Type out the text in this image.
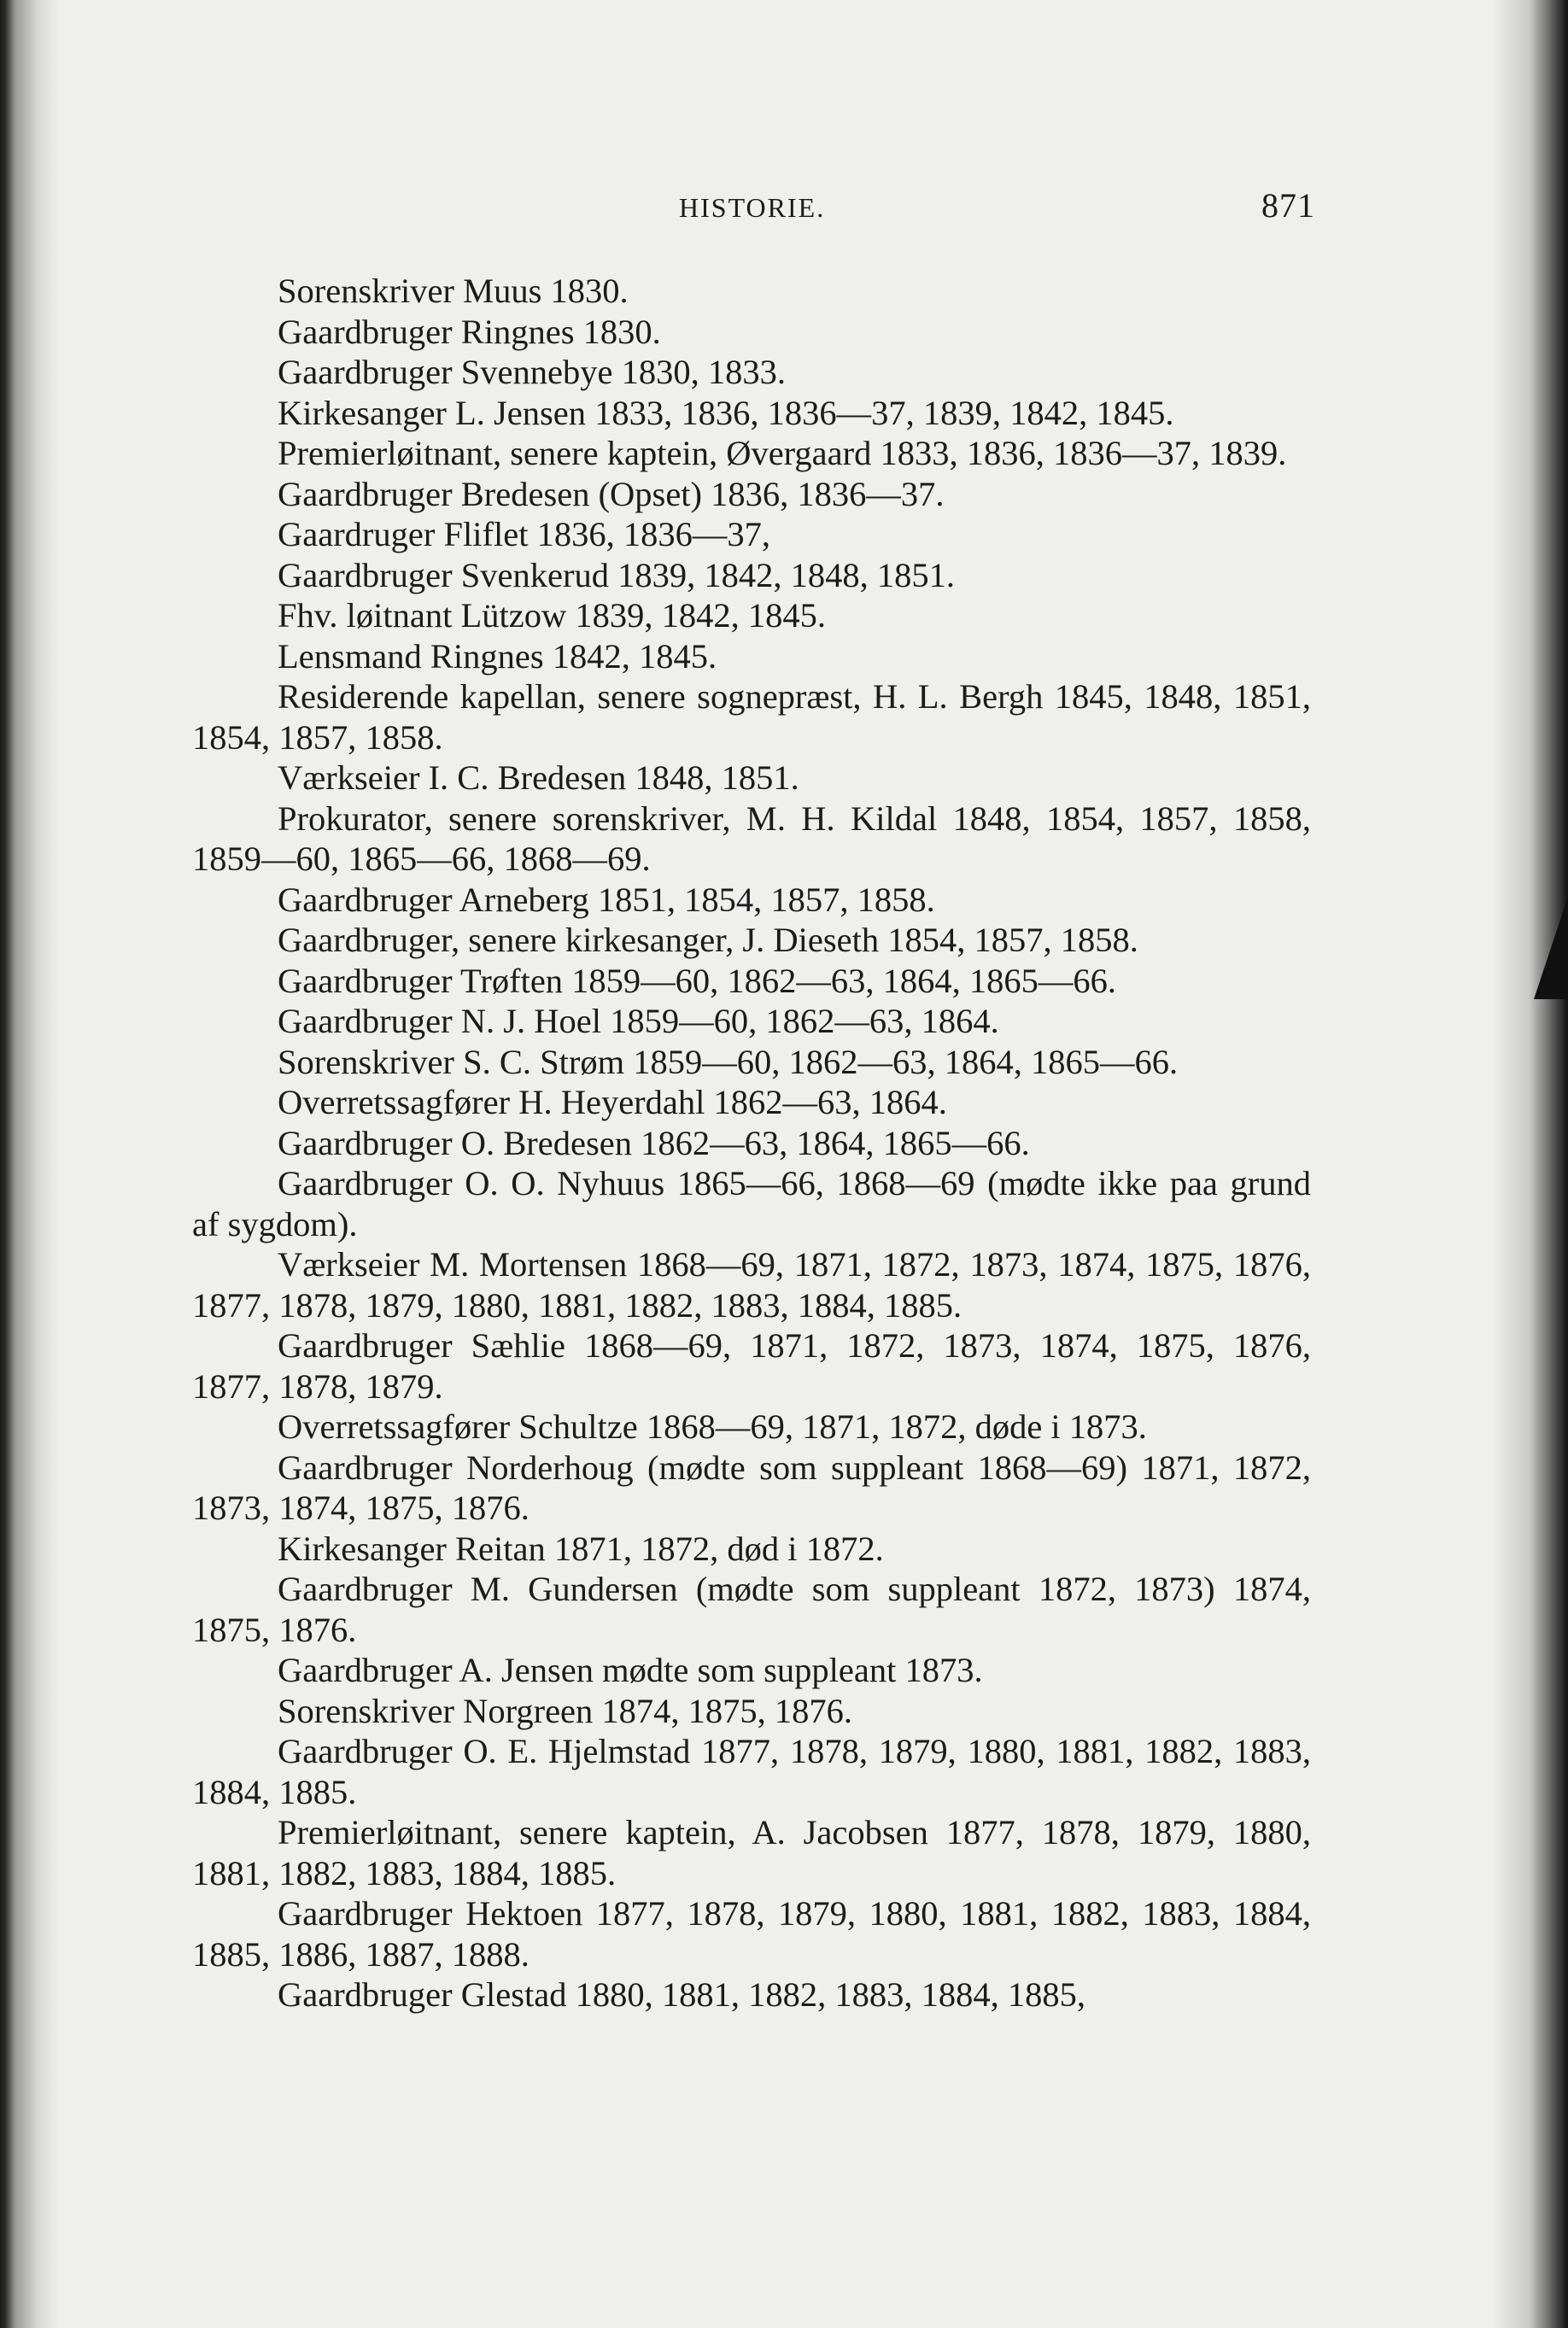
HISTORIE.	871

Sorenskriver Muus 1830.

Gaardbruger Ringnes 1830.

Gaardbruger Svennebye 1830, 1833.

Kirkesanger L. Jensen 1833, 1836, 1836—37, 1839, 1842, 1845.

Premierløitnant, senere kaptein, Øvergaard 1833, 1836, 1836—37, 1839.

Gaardbruger Bredesen (Opset) 1836, 1836—37.

Gaardruger Fliflet 1836, 1836—37,

Gaardbruger Svenkerud 1839, 1842, 1848, 1851.

Fhv. løitnant Lützow 1839, 1842, 1845.

Lensmand Ringnes 1842, 1845.

Residerende kapellan, senere sognepræst, H. L. Bergh 1845, 1848, 1851, 1854, 1857, 1858.

Værkseier I. C. Bredesen 1848, 1851.

Prokurator, senere sorenskriver, M. H. Kildal 1848, 1854, 1857, 1858, 1859—60, 1865—66, 1868—69.

Gaardbruger Arneberg 1851, 1854, 1857, 1858.

Gaardbruger, senere kirkesanger, J. Dieseth 1854, 1857, 1858.

Gaardbruger Trøften 1859—60, 1862—63, 1864, 1865—66.

Gaardbruger N. J. Hoel 1859—60, 1862—63, 1864.

Sorenskriver S. C. Strøm 1859—60, 1862—63, 1864, 1865—66.

Overretssagfører H. Heyerdahl 1862—63, 1864.

Gaardbruger O. Bredesen 1862—63, 1864, 1865—66.

Gaardbruger O. O. Nyhuus 1865—66, 1868—69 (mødte ikke paa grund af sygdom).

Værkseier M. Mortensen 1868—69, 1871, 1872, 1873, 1874, 1875, 1876, 1877, 1878, 1879, 1880, 1881, 1882, 1883, 1884, 1885.

Gaardbruger Sæhlie 1868—69, 1871, 1872, 1873, 1874, 1875, 1876, 1877, 1878, 1879.

Overretssagfører Schultze 1868—69, 1871, 1872, døde i 1873.

Gaardbruger Norderhoug (mødte som suppleant 1868—69) 1871, 1872, 1873, 1874, 1875, 1876.

Kirkesanger Reitan 1871, 1872, død i 1872.

Gaardbruger M. Gundersen (mødte som suppleant 1872, 1873) 1874, 1875, 1876.

Gaardbruger A. Jensen mødte som suppleant 1873.

Sorenskriver Norgreen 1874, 1875, 1876.

Gaardbruger O. E. Hjelmstad 1877, 1878, 1879, 1880, 1881, 1882, 1883, 1884, 1885.

Premierløitnant, senere kaptein, A. Jacobsen 1877, 1878, 1879, 1880, 1881, 1882, 1883, 1884, 1885.

Gaardbruger Hektoen 1877, 1878, 1879, 1880, 1881, 1882, 1883, 1884, 1885, 1886, 1887, 1888.

Gaardbruger Glestad 1880, 1881, 1882, 1883, 1884, 1885,
